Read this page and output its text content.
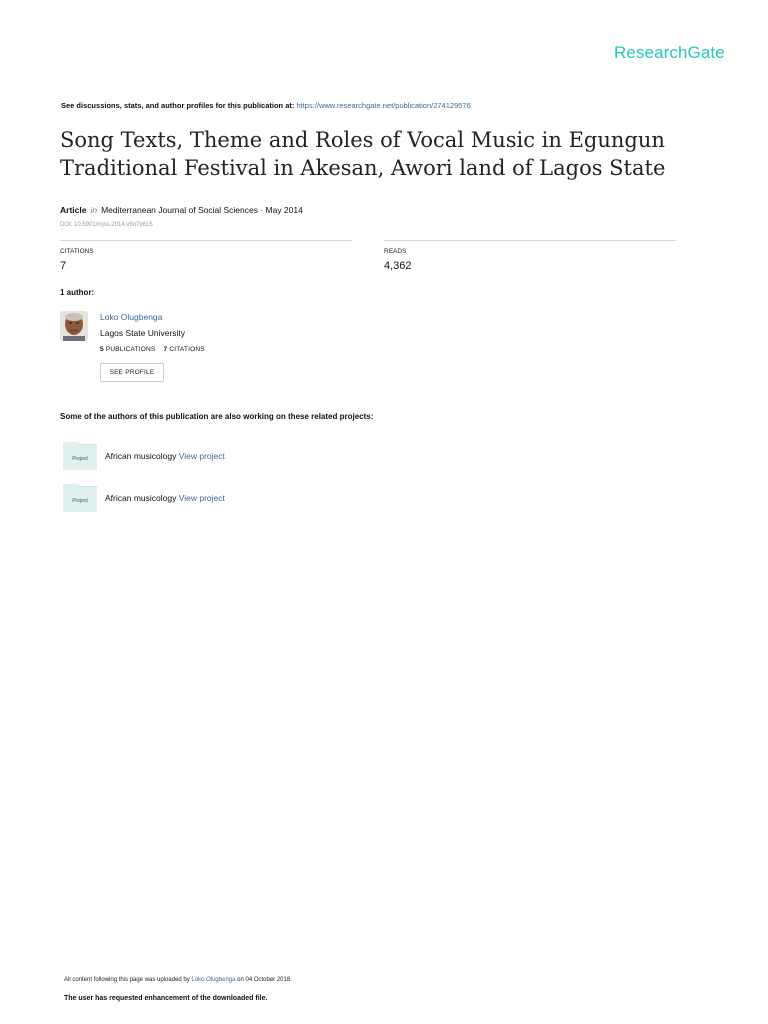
ResearchGate
See discussions, stats, and author profiles for this publication at: https://www.researchgate.net/publication/274129576
Song Texts, Theme and Roles of Vocal Music in Egungun Traditional Festival in Akesan, Awori land of Lagos State
Article in Mediterranean Journal of Social Sciences · May 2014
DOI: 10.5901/mjss.2014.v5n7p615
CITATIONS
7
READS
4,362
1 author:
Loko Olugbenga
Lagos State University
5 PUBLICATIONS 7 CITATIONS
SEE PROFILE
Some of the authors of this publication are also working on these related projects:
Project	African musicology View project
Project	African musicology View project
All content following this page was uploaded by Loko Olugbenga on 04 October 2018.
The user has requested enhancement of the downloaded file.
